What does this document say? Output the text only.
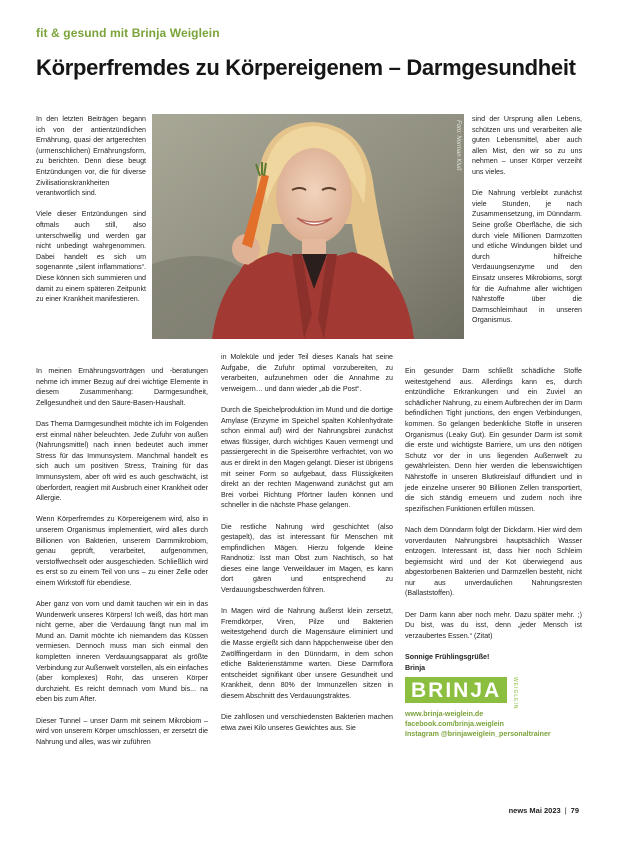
fit & gesund mit Brinja Weiglein
Körperfremdes zu Körpereigenem – Darmgesundheit

In den letzten Beiträgen begann ich von der antientzündlichen Ernährung, quasi der artgerechten (urmenschlichen) Ernährungsform, zu berichten. Denn diese beugt Entzündungen vor, die für diverse Zivilisationskrankheiten verantwortlich sind.

Viele dieser Entzündungen sind oftmals auch still, also unterschwellig und werden gar nicht unbedingt wahrgenommen. Dabei handelt es sich um sogenannte „silent inflammations“. Diese können sich summieren und damit zu einem späteren Zeitpunkt zu einer Krankheit manifestieren.

Foto: Norman Kluß

sind der Ursprung allen Lebens, schützen uns und verarbeiten alle guten Lebensmittel, aber auch allen Mist, den wir so zu uns nehmen – unser Körper verzeiht uns vieles.

Die Nahrung verbleibt zunächst viele Stunden, je nach Zusammensetzung, im Dünndarm. Seine große Oberfläche, die sich durch viele Millionen Darmzotten und etliche Windungen bildet und durch hilfreiche Verdauungsenzyme und den Einsatz unseres Mikrobioms, sorgt für die Aufnahme aller wichtigen Nährstoffe über die Darmschleimhaut in unseren Organismus.

In meinen Ernährungsvorträgen und -beratungen nehme ich immer Bezug auf drei wichtige Elemente in diesem Zusammenhang: Darmgesundheit, Zellgesundheit und den Säure-Basen-Haushalt.

Das Thema Darmgesundheit möchte ich im Folgenden erst einmal näher beleuchten. Jede Zufuhr von außen (Nahrungsmittel) nach innen bedeutet auch immer Stress für das Immunsystem. Manchmal handelt es sich auch um positiven Stress, Training für das Immunsystem, aber oft wird es auch geschwächt, ist überfordert, reagiert mit Ausbruch einer Krankheit oder Allergie.

Wenn Körperfremdes zu Körpereigenem wird, also in unserem Organismus implementiert, wird alles durch Billionen von Bakterien, unserem Darmmikrobiom, genau geprüft, verarbeitet, aufgenommen, verstoffwechselt oder ausgeschieden. Schließlich wird es erst so zu einem Teil von uns – zu einer Zelle oder einem Wirkstoff für ebendiese.

Aber ganz von vorn und damit tauchen wir ein in das Wunderwerk unseres Körpers! Ich weiß, das hört man nicht gerne, aber die Verdauung fängt nun mal im Mund an. Damit möchte ich niemandem das Küssen vermiesen. Dennoch muss man sich einmal den kompletten inneren Verdauungsapparat als größte Verbindung zur Außenwelt vorstellen, als ein einfaches (aber komplexes) Rohr, das unseren Körper durchzieht. Es reicht demnach vom Mund bis... na eben bis zum After.

Dieser Tunnel – unser Darm mit seinem Mikrobiom – wird von unserem Körper umschlossen, er zersetzt die Nahrung und alles, was wir zuführen

in Moleküle und jeder Teil dieses Kanals hat seine Aufgabe, die Zufuhr optimal vorzubereiten, zu verarbeiten, aufzunehmen oder die Annahme zu verweigern… und dann wieder „ab die Post“.

Durch die Speichelproduktion im Mund und die dortige Amylase (Enzyme im Speichel spalten Kohlenhydrate schon einmal auf) wird der Nahrungsbrei zunächst etwas flüssiger, durch wichtiges Kauen vermengt und passiergerecht in die Speiseröhre verfrachtet, von wo aus er direkt in den Magen gelangt. Dieser ist übrigens mit seiner Form so aufgebaut, dass Flüssigkeiten direkt an der rechten Magenwand zunächst gut am Brei vorbei Richtung Pförtner laufen können und schneller in die nächste Phase gelangen.

Die restliche Nahrung wird geschichtet (also gestapelt), das ist interessant für Menschen mit empfindlichen Mägen. Hierzu folgende kleine Randnotiz: Isst man Obst zum Nachtisch, so hat dieses eine lange Verweildauer im Magen, es kann dort gären und entsprechend zu Verdauungsbeschwerden führen.

In Magen wird die Nahrung äußerst klein zersetzt, Fremdkörper, Viren, Pilze und Bakterien weitestgehend durch die Magensäure eliminiert und die Masse ergießt sich dann häppchenweise über den Zwölffingerdarm in den Dünndarm, in dem schon etliche Bakterienstämme warten. Diese Darmflora entscheidet signifikant über unsere Gesundheit und Krankheit, denn 80% der Immunzellen sitzen in diesem Abschnitt des Verdauungstraktes.

Die zahllosen und verschiedensten Bakterien machen etwa zwei Kilo unseres Gewichtes aus. Sie

Ein gesunder Darm schließt schädliche Stoffe weitestgehend aus. Allerdings kann es, durch entzündliche Erkrankungen und ein Zuviel an schädlicher Nahrung, zu einem Aufbrechen der im Darm befindlichen Tight junctions, den engen Verbindungen, kommen. So gelangen bedenkliche Stoffe in unseren Organismus (Leaky Gut). Ein gesunder Darm ist somit die erste und wichtigste Barriere, um uns den nötigen Schutz vor der in uns liegenden Außenwelt zu gewährleisten. Denn hier werden die lebenswichtigen Nährstoffe in unseren Blutkreislauf diffundiert und in jede einzelne unserer 90 Billionen Zellen transportiert, die sich ständig erneuern und zudem noch ihre spezifischen Funktionen erfüllen müssen.

Nach dem Dünndarm folgt der Dickdarm. Hier wird dem vorverdauten Nahrungsbrei hauptsächlich Wasser entzogen. Interessant ist, dass hier noch Schleim begiemsicht wird und der Kot überwiegend aus abgestorbenen Bakterien und Darmzellen besteht, nicht nur aus unverdaulichen Nahrungsresten (Ballaststoffen).

Der Darm kann aber noch mehr. Dazu später mehr. ;) Du bist, was du isst, denn „jeder Mensch ist verzaubertes Essen.“ (Zitat)

Sonnige Frühlingsgrüße!
Brinja
BRINJA	WEIGLEIN
www.brinja-weiglein.de
facebook.com/brinja.weiglein
Instagram @brinjaweiglein_personaltrainer
news Mai 2023 | 79
